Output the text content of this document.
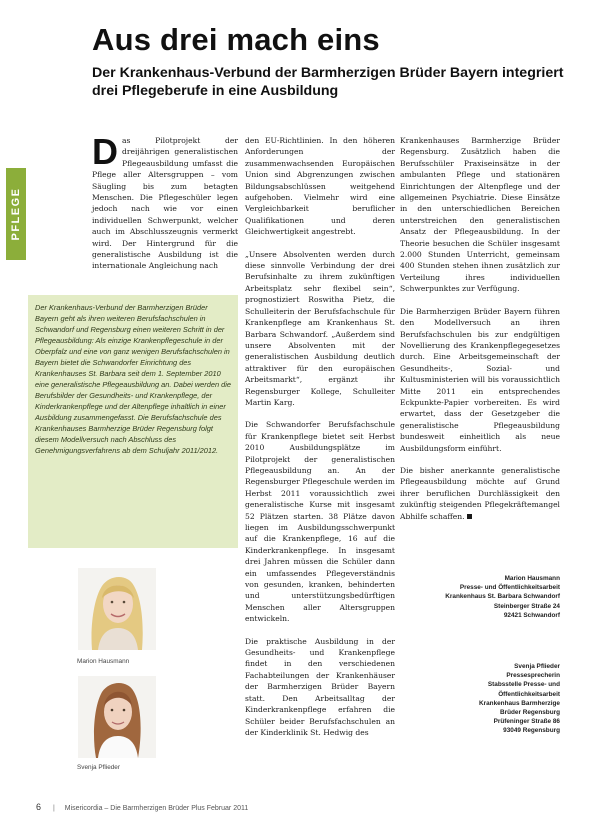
Aus drei mach eins
Der Krankenhaus-Verbund der Barmherzigen Brüder Bayern integriert drei Pflegeberufe in eine Ausbildung
PFLEGE

Das Pilotprojekt der dreijährigen generalistischen Pflegeausbildung umfasst die Pflege aller Altersgruppen – vom Säugling bis zum betagten Menschen. Die Pflegeschüler legen jedoch nach wie vor einen individuellen Schwerpunkt, welcher auch im Abschlusszeugnis vermerkt wird. Der Hintergrund für die generalistische Ausbildung ist die internationale Angleichung nach

Der Krankenhaus-Verbund der Barmherzigen Brüder Bayern geht als ihren weiteren Berufsfachschulen in Schwandorf und Regensburg einen weiteren Schritt in der Pflegeausbildung: Als einzige Krankenpflegeschule in der Oberpfalz und eine von ganz wenigen Berufsfachschulen in Bayern bietet die Schwandorfer Einrichtung des Krankenhauses St. Barbara seit dem 1. September 2010 eine generalistische Pflegeausbildung an. Dabei werden die Berufsbilder der Gesundheits- und Krankenpflege, der Kinderkrankenpflege und der Altenpflege inhaltlich in einer Ausbildung zusammengefasst. Die Berufsfachschule des Krankenhauses Barmherzige Brüder Regensburg folgt diesem Modellversuch nach Abschluss des Genehmigungsverfahrens ab dem Schuljahr 2011/2012.
Marion Hausmann
Svenja Pflieder

den EU-Richtlinien. In den höheren Anforderungen der zusammenwachsenden Europäischen Union sind Abgrenzungen zwischen Bildungsabschlüssen weitgehend aufgehoben. Vielmehr wird eine Vergleichbarkeit beruflicher Qualifikationen und deren Gleichwertigkeit angestrebt.

„Unsere Absolventen werden durch diese sinnvolle Verbindung der drei Berufsinhalte zu ihrem zukünftigen Arbeitsplatz sehr flexibel sein“, prognostiziert Roswitha Pietz, die Schulleiterin der Berufsfachschule für Krankenpflege am Krankenhaus St. Barbara Schwandorf. „Außerdem sind unsere Absolventen mit der generalistischen Ausbildung deutlich attraktiver für den europäischen Arbeitsmarkt“, ergänzt ihr Regensburger Kollege, Schulleiter Martin Karg.

Die Schwandorfer Berufsfachschule für Krankenpflege bietet seit Herbst 2010 Ausbildungsplätze im Pilotprojekt der generalistischen Pflegeausbildung an. An der Regensburger Pflegeschule werden im Herbst 2011 voraussichtlich zwei generalistische Kurse mit insgesamt 52 Plätzen starten. 38 Plätze davon liegen im Ausbildungsschwerpunkt auf die Krankenpflege, 16 auf die Kinderkrankenpflege. In insgesamt drei Jahren müssen die Schüler dann ein umfassendes Pflegeverständnis von gesunden, kranken, behinderten und unterstützungsbedürftigen Menschen aller Altersgruppen entwickeln.

Die praktische Ausbildung in der Gesundheits- und Krankenpflege findet in den verschiedenen Fachabteilungen der Krankenhäuser der Barmherzigen Brüder Bayern statt. Den Arbeitsalltag der Kinderkrankenpflege erfahren die Schüler beider Berufsfachschulen an der Kinderklinik St. Hedwig des

Krankenhauses Barmherzige Brüder Regensburg. Zusätzlich haben die Berufsschüler Praxiseinsätze in der ambulanten Pflege und stationären Einrichtungen der Altenpflege und der allgemeinen Psychiatrie. Diese Einsätze in den unterschiedlichen Bereichen unterstreichen den generalistischen Ansatz der Pflegeausbildung. In der Theorie besuchen die Schüler insgesamt 2.000 Stunden Unterricht, gemeinsam 400 Stunden stehen ihnen zusätzlich zur Verteilung ihres individuellen Schwerpunktes zur Verfügung.

Die Barmherzigen Brüder Bayern führen den Modellversuch an ihren Berufsfachschulen bis zur endgültigen Novellierung des Krankenpflegegesetzes durch. Eine Arbeitsgemeinschaft der Gesundheits-, Sozial- und Kultusministerien will bis voraussichtlich Mitte 2011 ein entsprechendes Eckpunkte-Papier vorbereiten. Es wird erwartet, dass der Gesetzgeber die generalistische Pflegeausbildung bundesweit einheitlich als neue Ausbildungsform einführt.

Die bisher anerkannte generalistische Pflegeausbildung möchte auf Grund ihrer beruflichen Durchlässigkeit den zukünftig steigenden Pflegekräftemangel Abhilfe schaffen.

Marion Hausmann
Presse- und Öffentlichkeitsarbeit
Krankenhaus St. Barbara Schwandorf
Steinberger Straße 24
92421 Schwandorf
Svenja Pflieder
Pressesprecherin
Stabsstelle Presse- und
Öffentlichkeitsarbeit
Krankenhaus Barmherzige
Brüder Regensburg
Prüfeninger Straße 86
93049 Regensburg
6 | Misericordia – Die Barmherzigen Brüder Plus Februar 2011
